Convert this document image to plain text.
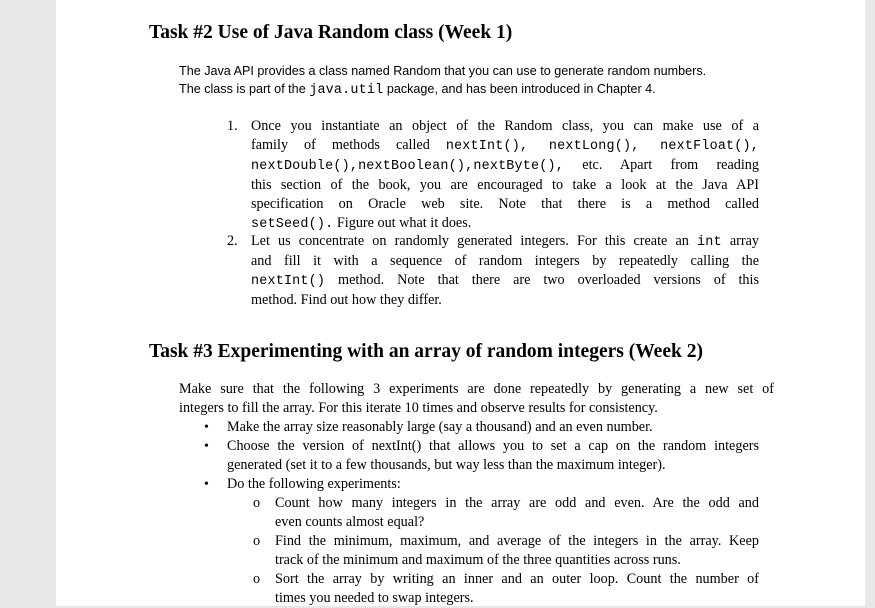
Task #2 Use of Java Random class (Week 1)
The Java API provides a class named Random that you can use to generate random numbers.
The class is part of the java.util package, and has been introduced in Chapter 4.
1. Once you instantiate an object of the Random class, you can make use of a
family of methods called nextInt(), nextLong(), nextFloat(),
nextDouble(),nextBoolean(),nextByte(), etc. Apart from reading
this section of the book, you are encouraged to take a look at the Java API
specification on Oracle web site. Note that there is a method called
setSeed(). Figure out what it does.
2. Let us concentrate on randomly generated integers. For this create an int array
and fill it with a sequence of random integers by repeatedly calling the
nextInt() method. Note that there are two overloaded versions of this
method. Find out how they differ.
Task #3 Experimenting with an array of random integers (Week 2)
Make sure that the following 3 experiments are done repeatedly by generating a new set of
integers to fill the array. For this iterate 10 times and observe results for consistency.
• Make the array size reasonably large (say a thousand) and an even number.
• Choose the version of nextInt() that allows you to set a cap on the random integers
generated (set it to a few thousands, but way less than the maximum integer).
• Do the following experiments:
o Count how many integers in the array are odd and even. Are the odd and
even counts almost equal?
o Find the minimum, maximum, and average of the integers in the array. Keep
track of the minimum and maximum of the three quantities across runs.
o Sort the array by writing an inner and an outer loop. Count the number of
times you needed to swap integers.
